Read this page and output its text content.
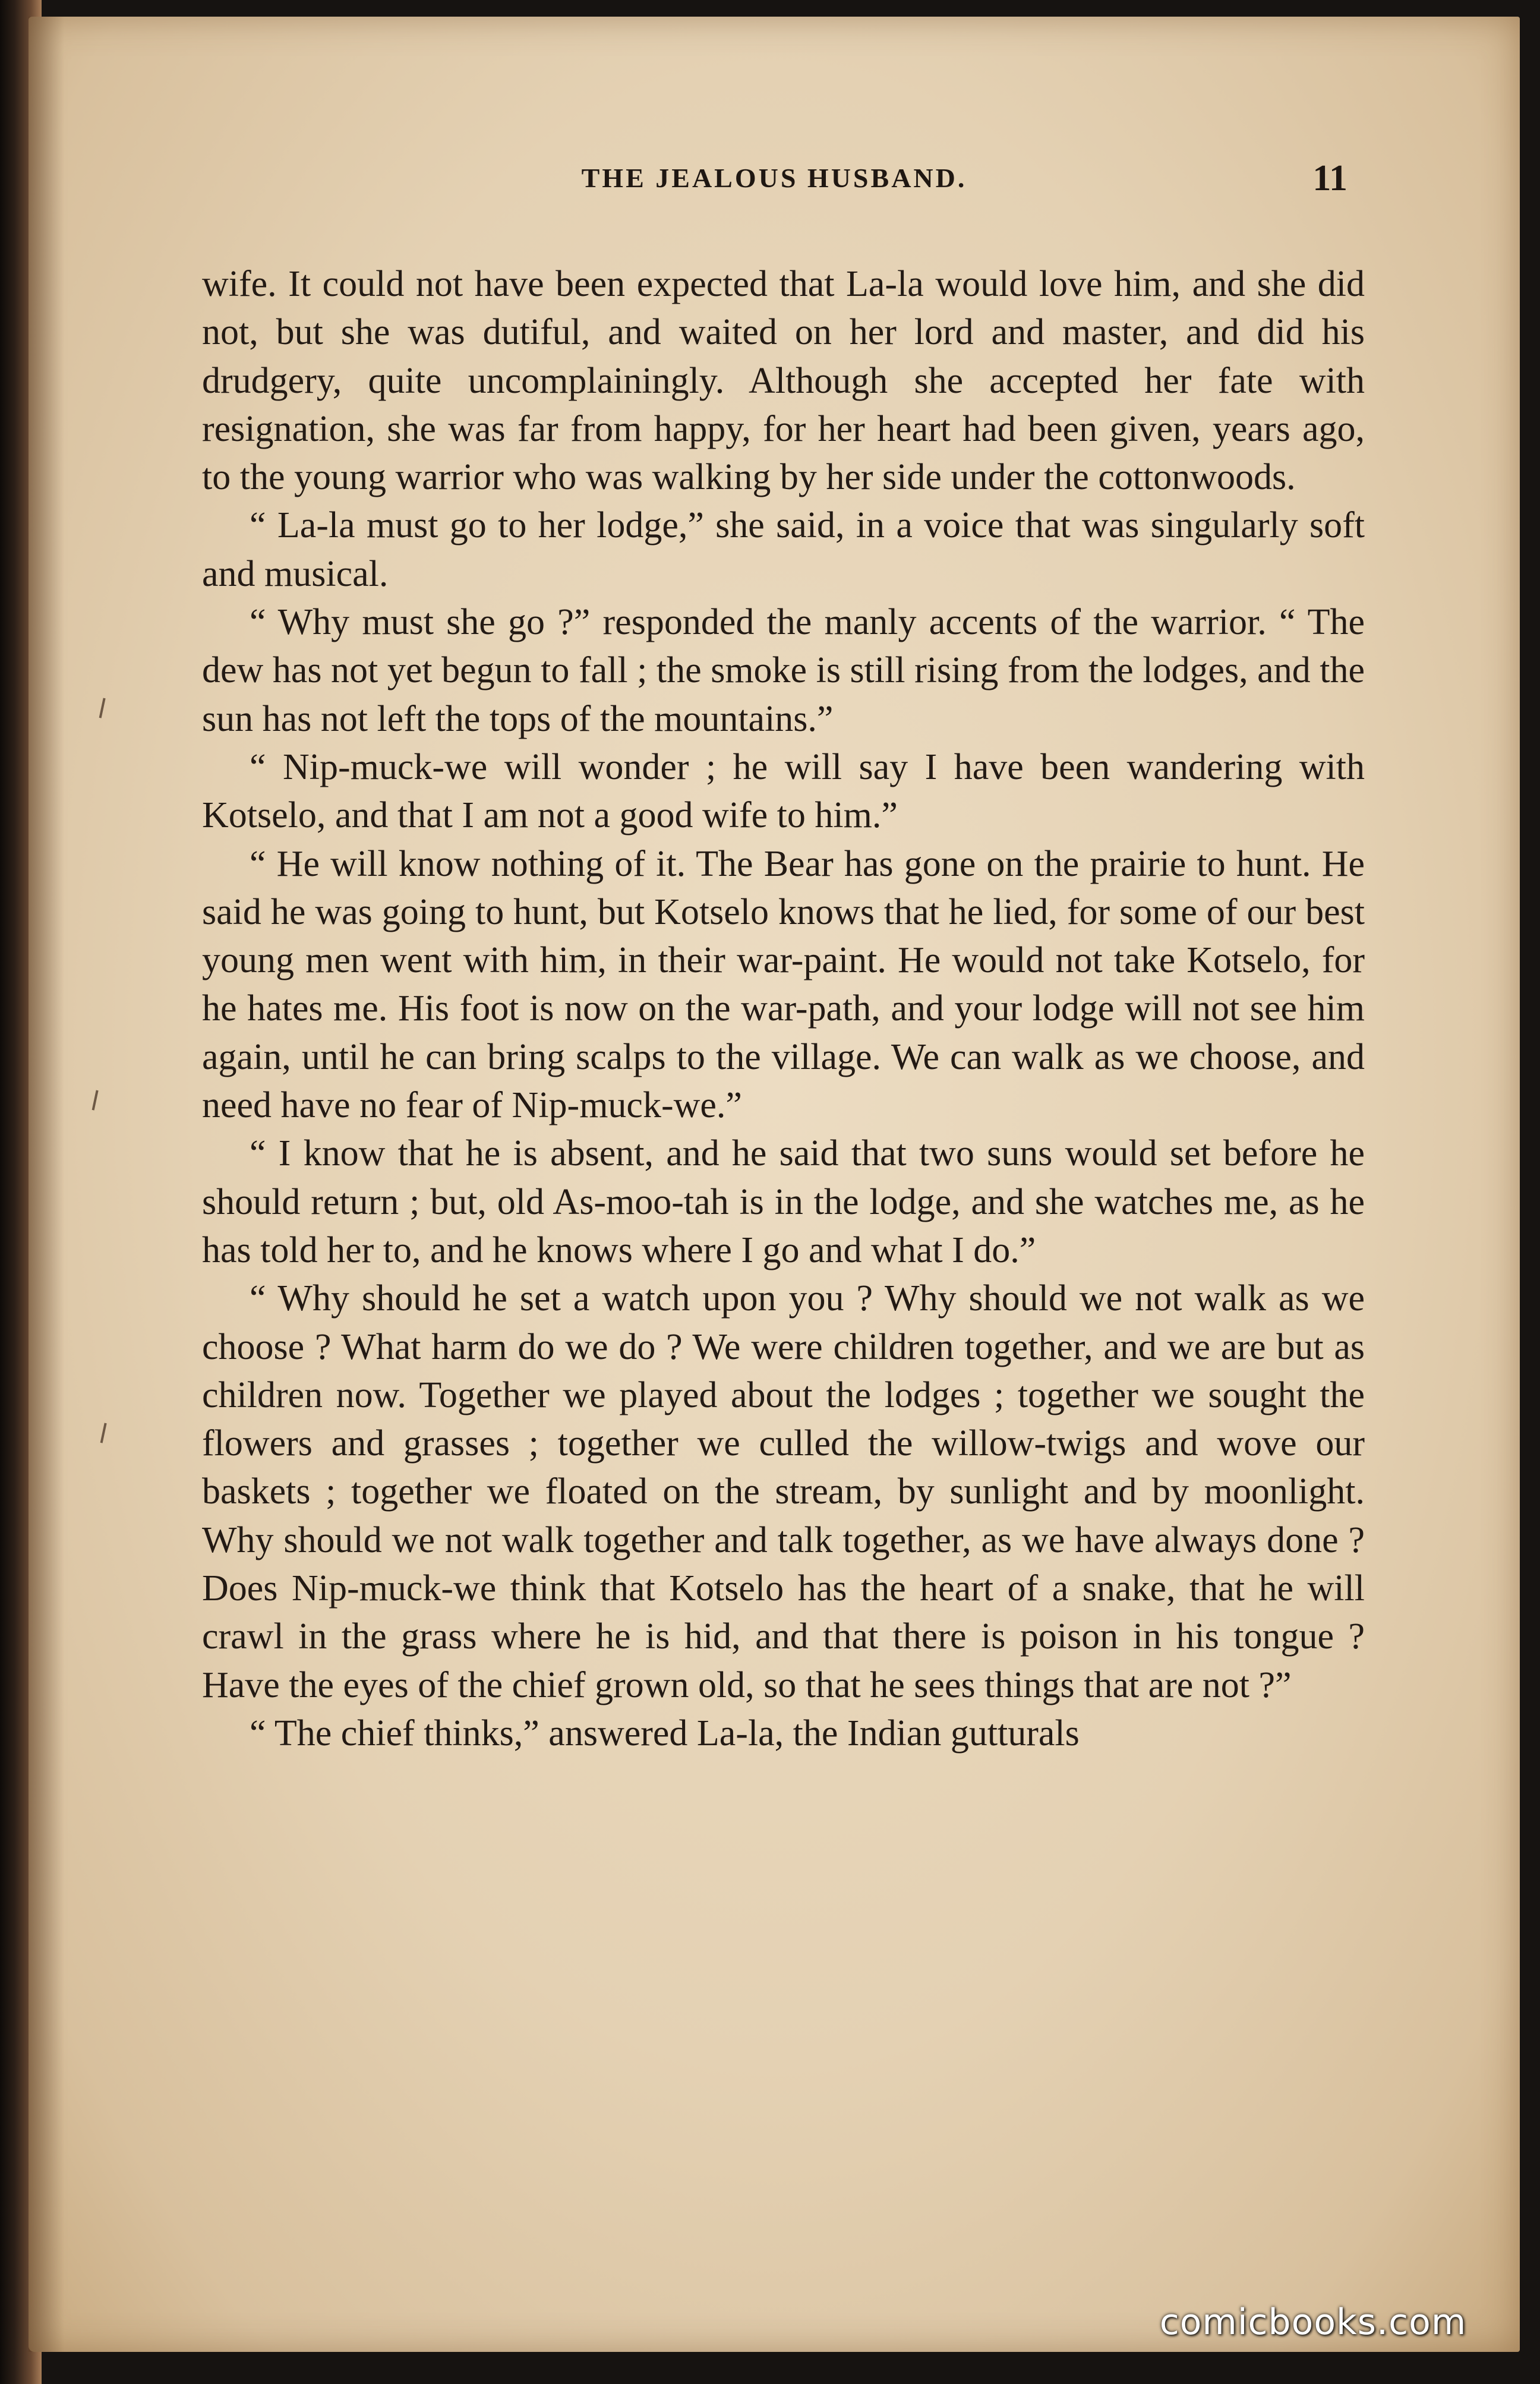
THE JEALOUS HUSBAND.	11

wife. It could not have been expected that La-la would love him, and she did not, but she was dutiful, and waited on her lord and master, and did his drudgery, quite uncomplainingly. Although she accepted her fate with resignation, she was far from happy, for her heart had been given, years ago, to the young warrior who was walking by her side under the cottonwoods.

“ La-la must go to her lodge,” she said, in a voice that was singularly soft and musical.

“ Why must she go ?” responded the manly accents of the warrior. “ The dew has not yet begun to fall ; the smoke is still rising from the lodges, and the sun has not left the tops of the mountains.”

“ Nip-muck-we will wonder ; he will say I have been wandering with Kotselo, and that I am not a good wife to him.”

“ He will know nothing of it. The Bear has gone on the prairie to hunt. He said he was going to hunt, but Kotselo knows that he lied, for some of our best young men went with him, in their war-paint. He would not take Kotselo, for he hates me. His foot is now on the war-path, and your lodge will not see him again, until he can bring scalps to the village. We can walk as we choose, and need have no fear of Nip-muck-we.”

“ I know that he is absent, and he said that two suns would set before he should return ; but, old As-moo-tah is in the lodge, and she watches me, as he has told her to, and he knows where I go and what I do.”

“ Why should he set a watch upon you ? Why should we not walk as we choose ? What harm do we do ? We were children together, and we are but as children now. Together we played about the lodges ; together we sought the flowers and grasses ; together we culled the willow-twigs and wove our baskets ; together we floated on the stream, by sunlight and by moonlight. Why should we not walk together and talk together, as we have always done ? Does Nip-muck-we think that Kotselo has the heart of a snake, that he will crawl in the grass where he is hid, and that there is poison in his tongue ? Have the eyes of the chief grown old, so that he sees things that are not ?”

“ The chief thinks,” answered La-la, the Indian gutturals

comicbooks.com
